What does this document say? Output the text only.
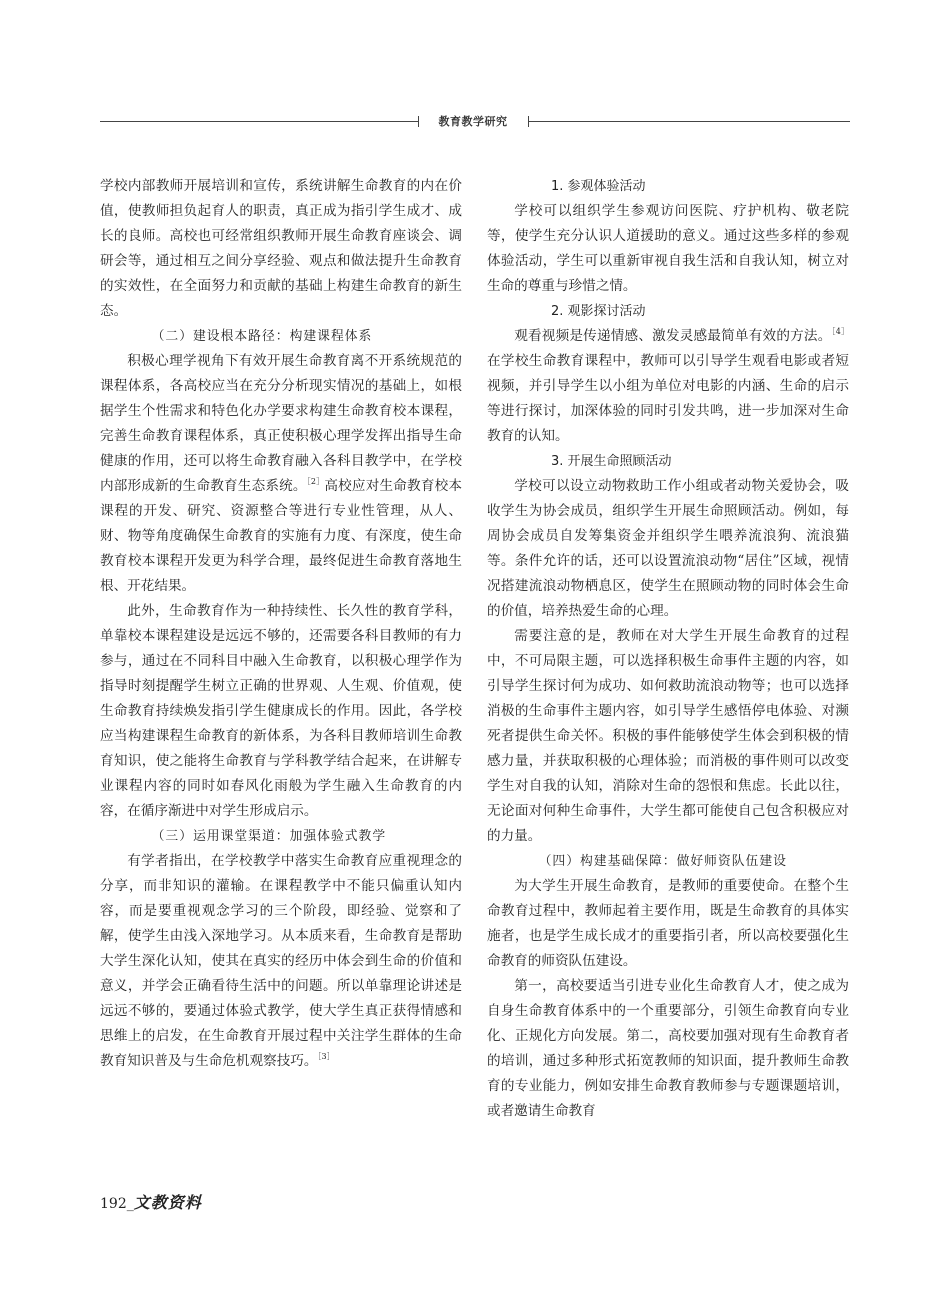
教育教学研究

学校内部教师开展培训和宣传，系统讲解生命教育的内在价值，使教师担负起育人的职责，真正成为指引学生成才、成长的良师。高校也可经常组织教师开展生命教育座谈会、调研会等，通过相互之间分享经验、观点和做法提升生命教育的实效性，在全面努力和贡献的基础上构建生命教育的新生态。

（二）建设根本路径：构建课程体系

积极心理学视角下有效开展生命教育离不开系统规范的课程体系，各高校应当在充分分析现实情况的基础上，如根据学生个性需求和特色化办学要求构建生命教育校本课程，完善生命教育课程体系，真正使积极心理学发挥出指导生命健康的作用，还可以将生命教育融入各科目教学中，在学校内部形成新的生命教育生态系统。$^{[2]}$高校应对生命教育校本课程的开发、研究、资源整合等进行专业性管理，从人、财、物等角度确保生命教育的实施有力度、有深度，使生命教育校本课程开发更为科学合理，最终促进生命教育落地生根、开花结果。

此外，生命教育作为一种持续性、长久性的教育学科，单靠校本课程建设是远远不够的，还需要各科目教师的有力参与，通过在不同科目中融入生命教育，以积极心理学作为指导时刻提醒学生树立正确的世界观、人生观、价值观，使生命教育持续焕发指引学生健康成长的作用。因此，各学校应当构建课程生命教育的新体系，为各科目教师培训生命教育知识，使之能将生命教育与学科教学结合起来，在讲解专业课程内容的同时如春风化雨般为学生融入生命教育的内容，在循序渐进中对学生形成启示。

（三）运用课堂渠道：加强体验式教学

有学者指出，在学校教学中落实生命教育应重视理念的分享，而非知识的灌输。在课程教学中不能只偏重认知内容，而是要重视观念学习的三个阶段，即经验、觉察和了解，使学生由浅入深地学习。从本质来看，生命教育是帮助大学生深化认知，使其在真实的经历中体会到生命的价值和意义，并学会正确看待生活中的问题。所以单靠理论讲述是远远不够的，要通过体验式教学，使大学生真正获得情感和思维上的启发，在生命教育开展过程中关注学生群体的生命教育知识普及与生命危机观察技巧。$^{[3]}$

1. 参观体验活动

学校可以组织学生参观访问医院、疗护机构、敬老院等，使学生充分认识人道援助的意义。通过这些多样的参观体验活动，学生可以重新审视自我生活和自我认知，树立对生命的尊重与珍惜之情。

2. 观影探讨活动

观看视频是传递情感、激发灵感最简单有效的方法。$^{[4]}$在学校生命教育课程中，教师可以引导学生观看电影或者短视频，并引导学生以小组为单位对电影的内涵、生命的启示等进行探讨，加深体验的同时引发共鸣，进一步加深对生命教育的认知。

3. 开展生命照顾活动

学校可以设立动物救助工作小组或者动物关爱协会，吸收学生为协会成员，组织学生开展生命照顾活动。例如，每周协会成员自发筹集资金并组织学生喂养流浪狗、流浪猫等。条件允许的话，还可以设置流浪动物“居住”区域，视情况搭建流浪动物栖息区，使学生在照顾动物的同时体会生命的价值，培养热爱生命的心理。

需要注意的是，教师在对大学生开展生命教育的过程中，不可局限主题，可以选择积极生命事件主题的内容，如引导学生探讨何为成功、如何救助流浪动物等；也可以选择消极的生命事件主题内容，如引导学生感悟停电体验、对濒死者提供生命关怀。积极的事件能够使学生体会到积极的情感力量，并获取积极的心理体验；而消极的事件则可以改变学生对自我的认知，消除对生命的怨恨和焦虑。长此以往，无论面对何种生命事件，大学生都可能使自己包含积极应对的力量。

（四）构建基础保障：做好师资队伍建设

为大学生开展生命教育，是教师的重要使命。在整个生命教育过程中，教师起着主要作用，既是生命教育的具体实施者，也是学生成长成才的重要指引者，所以高校要强化生命教育的师资队伍建设。

第一，高校要适当引进专业化生命教育人才，使之成为自身生命教育体系中的一个重要部分，引领生命教育向专业化、正规化方向发展。第二，高校要加强对现有生命教育者的培训，通过多种形式拓宽教师的知识面，提升教师生命教育的专业能力，例如安排生命教育教师参与专题课题培训，或者邀请生命教育

192_文教资料
